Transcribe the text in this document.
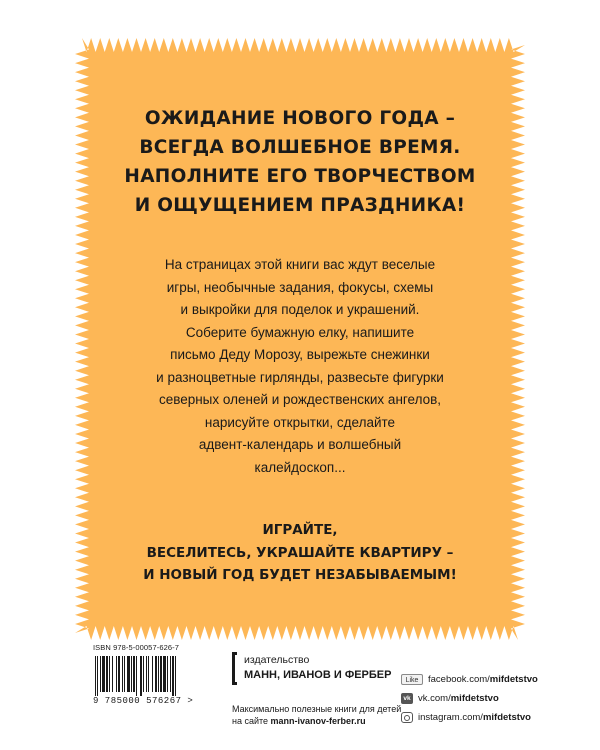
ОЖИДАНИЕ НОВОГО ГОДА –
ВСЕГДА ВОЛШЕБНОЕ ВРЕМЯ.
НАПОЛНИТЕ ЕГО ТВОРЧЕСТВОМ
И ОЩУЩЕНИЕМ ПРАЗДНИКА!
На страницах этой книги вас ждут веселые
игры, необычные задания, фокусы, схемы
и выкройки для поделок и украшений.
Соберите бумажную елку, напишите
письмо Деду Морозу, вырежьте снежинки
и разноцветные гирлянды, развесьте фигурки
северных оленей и рождественских ангелов,
нарисуйте открытки, сделайте
адвент-календарь и волшебный
калейдоскоп...
ИГРАЙТЕ,
ВЕСЕЛИТЕСЬ, УКРАШАЙТЕ КВАРТИРУ –
И НОВЫЙ ГОД БУДЕТ НЕЗАБЫВАЕМЫМ!
ISBN 978-5-00057-626-7
9 785000 576267 >
издательство
МАНН, ИВАНОВ И ФЕРБЕР
Максимально полезные книги для детей
на сайте mann-ivanov-ferber.ru
Like	facebook.com/mifdetstvo
vk vk.com/mifdetstvo
instagram.com/mifdetstvo
